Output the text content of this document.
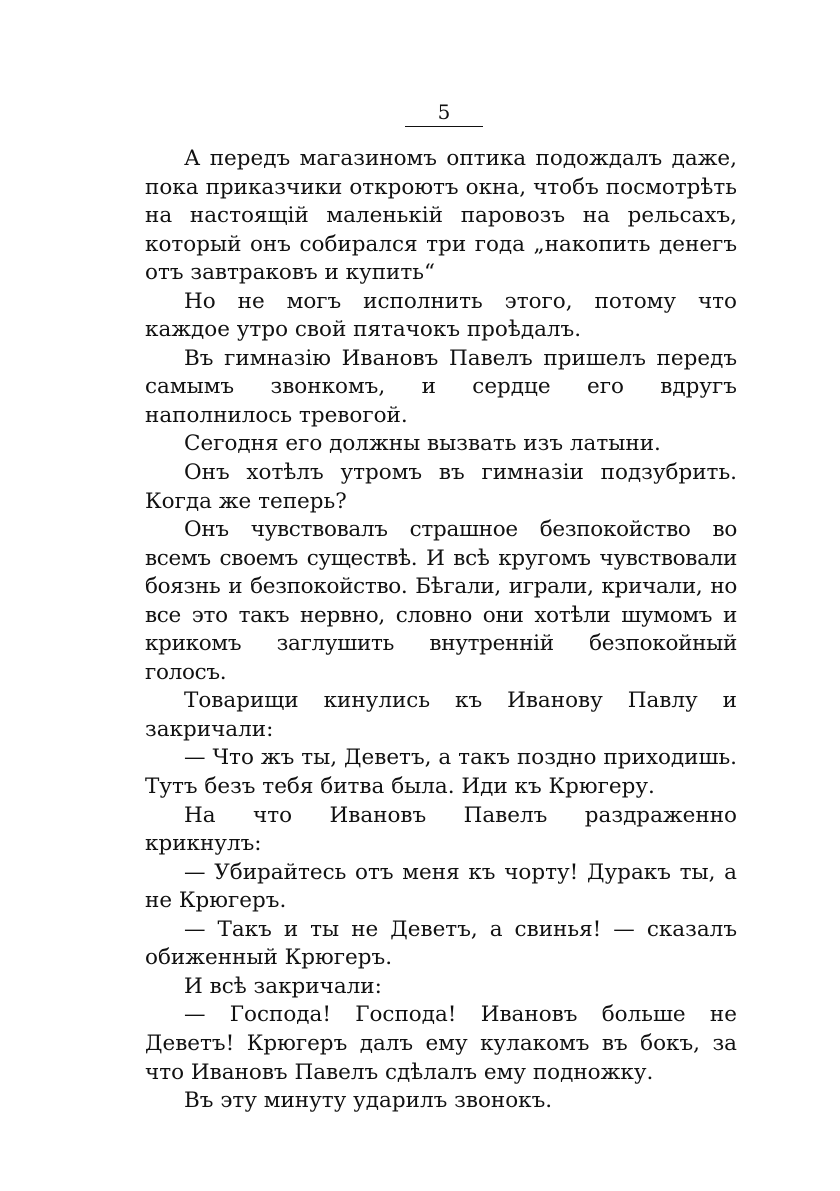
5

А передъ магазиномъ оптика подождалъ даже, пока приказчики откроютъ окна, чтобъ посмотрѣть на настоящій маленькій паровозъ на рельсахъ, который онъ собирался три года „накопить денегъ отъ завтраковъ и купить“

Но не могъ исполнить этого, потому что каждое утро свой пятачокъ проѣдалъ.

Въ гимназію Ивановъ Павелъ пришелъ передъ самымъ звонкомъ, и сердце его вдругъ наполнилось тревогой.

Сегодня его должны вызвать изъ латыни.

Онъ хотѣлъ утромъ въ гимназіи подзубрить. Когда же теперь?

Онъ чувствовалъ страшное безпокойство во всемъ своемъ существѣ. И всѣ кругомъ чувствовали боязнь и безпокойство. Бѣгали, играли, кричали, но все это такъ нервно, словно они хотѣли шумомъ и крикомъ заглушить внутренній безпокойный голосъ.

Товарищи кинулись къ Иванову Павлу и закричали:

— Что жъ ты, Деветъ, а такъ поздно приходишь. Тутъ безъ тебя битва была. Иди къ Крюгеру.

На что Ивановъ Павелъ раздраженно крикнулъ:

— Убирайтесь отъ меня къ чорту! Дуракъ ты, а не Крюгеръ.

— Такъ и ты не Деветъ, а свинья! — сказалъ обиженный Крюгеръ.

И всѣ закричали:

— Господа! Господа! Ивановъ больше не Деветъ! Крюгеръ далъ ему кулакомъ въ бокъ, за что Ивановъ Павелъ сдѣлалъ ему подножку.

Въ эту минуту ударилъ звонокъ.
